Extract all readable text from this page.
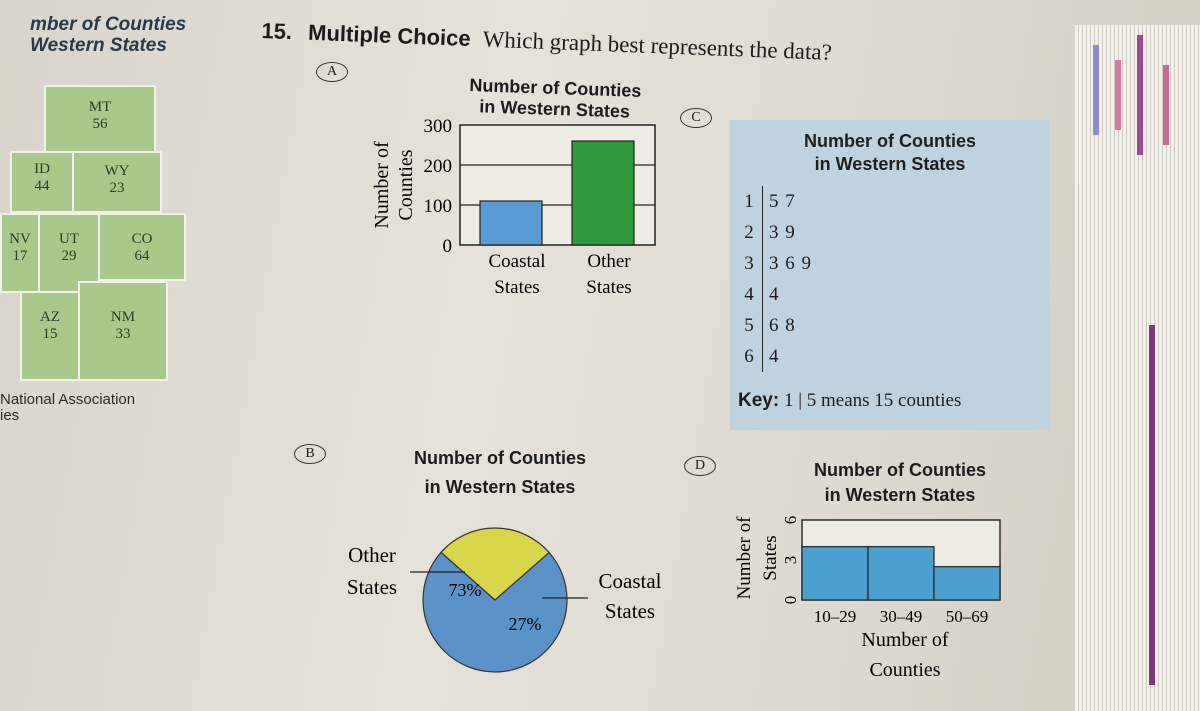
mber of Counties
Western States
MT
56
ID
44
WY
23
NV
17
UT
29
CO
64
AZ
15
NM
33
National Association
ies
15. Multiple Choice Which graph best represents the data?
A
Number of Counties
in Western States
300
200
100
0
Coastal
States
Other
States
Number of Counties
C
Number of Counties
in Western States
1 5 7
2 3 9
3 3 6 9
4 4
5 6 8
6 4
Key: 1 | 5 means 15 counties
B	Number of Counties
in Western States
73%
27%
Other
States	Coastal
States
D	Number of Counties
in Western States
6
3
0
10–29 30–49 50–69
Number of States
Number of
Counties
